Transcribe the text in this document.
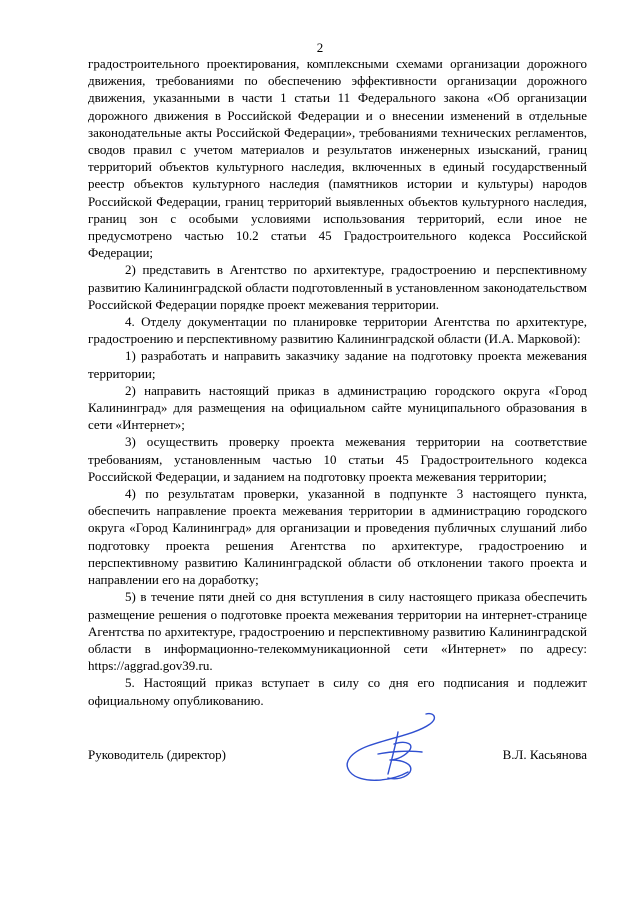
2

градостроительного проектирования, комплексными схемами организации дорожного движения, требованиями по обеспечению эффективности организации дорожного движения, указанными в части 1 статьи 11 Федерального закона «Об организации дорожного движения в Российской Федерации и о внесении изменений в отдельные законодательные акты Российской Федерации», требованиями технических регламентов, сводов правил с учетом материалов и результатов инженерных изысканий, границ территорий объектов культурного наследия, включенных в единый государственный реестр объектов культурного наследия (памятников истории и культуры) народов Российской Федерации, границ территорий выявленных объектов культурного наследия, границ зон с особыми условиями использования территорий, если иное не предусмотрено частью 10.2 статьи 45 Градостроительного кодекса Российской Федерации;

2) представить в Агентство по архитектуре, градостроению и перспективному развитию Калининградской области подготовленный в установленном законодательством Российской Федерации порядке проект межевания территории.

4. Отделу документации по планировке территории Агентства по архитектуре, градостроению и перспективному развитию Калининградской области (И.А. Марковой):

1) разработать и направить заказчику задание на подготовку проекта межевания территории;

2) направить настоящий приказ в администрацию городского округа «Город Калининград» для размещения на официальном сайте муниципального образования в сети «Интернет»;

3) осуществить проверку проекта межевания территории на соответствие требованиям, установленным частью 10 статьи 45 Градостроительного кодекса Российской Федерации, и заданием на подготовку проекта межевания территории;

4) по результатам проверки, указанной в подпункте 3 настоящего пункта, обеспечить направление проекта межевания территории в администрацию городского округа «Город Калининград» для организации и проведения публичных слушаний либо подготовку проекта решения Агентства по архитектуре, градостроению и перспективному развитию Калининградской области об отклонении такого проекта и направлении его на доработку;

5) в течение пяти дней со дня вступления в силу настоящего приказа обеспечить размещение решения о подготовке проекта межевания территории на интернет-странице Агентства по архитектуре, градостроению и перспективному развитию Калининградской области в информационно-телекоммуникационной сети «Интернет» по адресу: https://aggrad.gov39.ru.

5. Настоящий приказ вступает в силу со дня его подписания и подлежит официальному опубликованию.

Руководитель (директор)	В.Л. Касьянова
